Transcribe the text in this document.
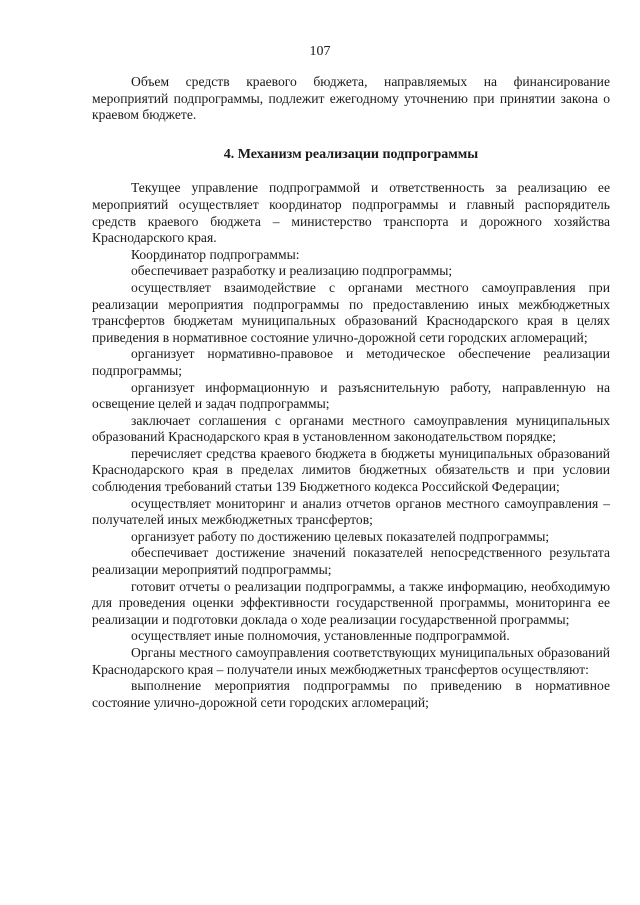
107

Объем средств краевого бюджета, направляемых на финансирование мероприятий подпрограммы, подлежит ежегодному уточнению при принятии закона о краевом бюджете.

4. Механизм реализации подпрограммы

Текущее управление подпрограммой и ответственность за реализацию ее мероприятий осуществляет координатор подпрограммы и главный распорядитель средств краевого бюджета – министерство транспорта и дорожного хозяйства Краснодарского края.

Координатор подпрограммы:

обеспечивает разработку и реализацию подпрограммы;

осуществляет взаимодействие с органами местного самоуправления при реализации мероприятия подпрограммы по предоставлению иных межбюджетных трансфертов бюджетам муниципальных образований Краснодарского края в целях приведения в нормативное состояние улично-дорожной сети городских агломераций;

организует нормативно-правовое и методическое обеспечение реализации подпрограммы;

организует информационную и разъяснительную работу, направленную на освещение целей и задач подпрограммы;

заключает соглашения с органами местного самоуправления муниципальных образований Краснодарского края в установленном законодательством порядке;

перечисляет средства краевого бюджета в бюджеты муниципальных образований Краснодарского края в пределах лимитов бюджетных обязательств и при условии соблюдения требований статьи 139 Бюджетного кодекса Российской Федерации;

осуществляет мониторинг и анализ отчетов органов местного самоуправления – получателей иных межбюджетных трансфертов;

организует работу по достижению целевых показателей подпрограммы;

обеспечивает достижение значений показателей непосредственного результата реализации мероприятий подпрограммы;

готовит отчеты о реализации подпрограммы, а также информацию, необходимую для проведения оценки эффективности государственной программы, мониторинга ее реализации и подготовки доклада о ходе реализации государственной программы;

осуществляет иные полномочия, установленные подпрограммой.

Органы местного самоуправления соответствующих муниципальных образований Краснодарского края – получатели иных межбюджетных трансфертов осуществляют:

выполнение мероприятия подпрограммы по приведению в нормативное состояние улично-дорожной сети городских агломераций;
